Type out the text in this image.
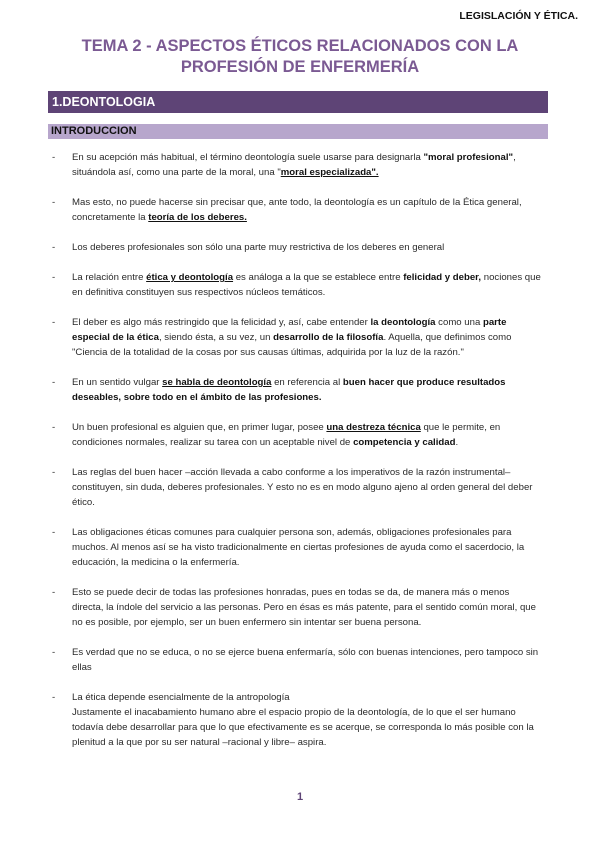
LEGISLACIÓN Y ÉTICA.
TEMA 2 - ASPECTOS ÉTICOS RELACIONADOS CON LA
PROFESIÓN DE ENFERMERÍA
1.DEONTOLOGIA
INTRODUCCION
- En su acepción más habitual, el término deontología suele usarse para designarla "moral profesional", situándola así, como una parte de la moral, una "moral especializada".
- Mas esto, no puede hacerse sin precisar que, ante todo, la deontología es un capítulo de la Ética general, concretamente la teoría de los deberes.
- Los deberes profesionales son sólo una parte muy restrictiva de los deberes en general
- La relación entre ética y deontología es análoga a la que se establece entre felicidad y deber, nociones que en definitiva constituyen sus respectivos núcleos temáticos.
- El deber es algo más restringido que la felicidad y, así, cabe entender la deontología como una parte especial de la ética, siendo ésta, a su vez, un desarrollo de la filosofía. Aquella, que definimos como "Ciencia de la totalidad de la cosas por sus causas últimas, adquirida por la luz de la razón."
- En un sentido vulgar se habla de deontología en referencia al buen hacer que produce resultados deseables, sobre todo en el ámbito de las profesiones.
- Un buen profesional es alguien que, en primer lugar, posee una destreza técnica que le permite, en condiciones normales, realizar su tarea con un aceptable nivel de competencia y calidad.
- Las reglas del buen hacer –acción llevada a cabo conforme a los imperativos de la razón instrumental– constituyen, sin duda, deberes profesionales. Y esto no es en modo alguno ajeno al orden general del deber ético.
- Las obligaciones éticas comunes para cualquier persona son, además, obligaciones profesionales para muchos. Al menos así se ha visto tradicionalmente en ciertas profesiones de ayuda como el sacerdocio, la educación, la medicina o la enfermería.
- Esto se puede decir de todas las profesiones honradas, pues en todas se da, de manera más o menos directa, la índole del servicio a las personas. Pero en ésas es más patente, para el sentido común moral, que no es posible, por ejemplo, ser un buen enfermero sin intentar ser buena persona.
- Es verdad que no se educa, o no se ejerce buena enfermaría, sólo con buenas intenciones, pero tampoco sin ellas
- La ética depende esencialmente de la antropología
Justamente el inacabamiento humano abre el espacio propio de la deontología, de lo que el ser humano todavía debe desarrollar para que lo que efectivamente es se acerque, se corresponda lo más posible con la plenitud a la que por su ser natural –racional y libre– aspira.
1
